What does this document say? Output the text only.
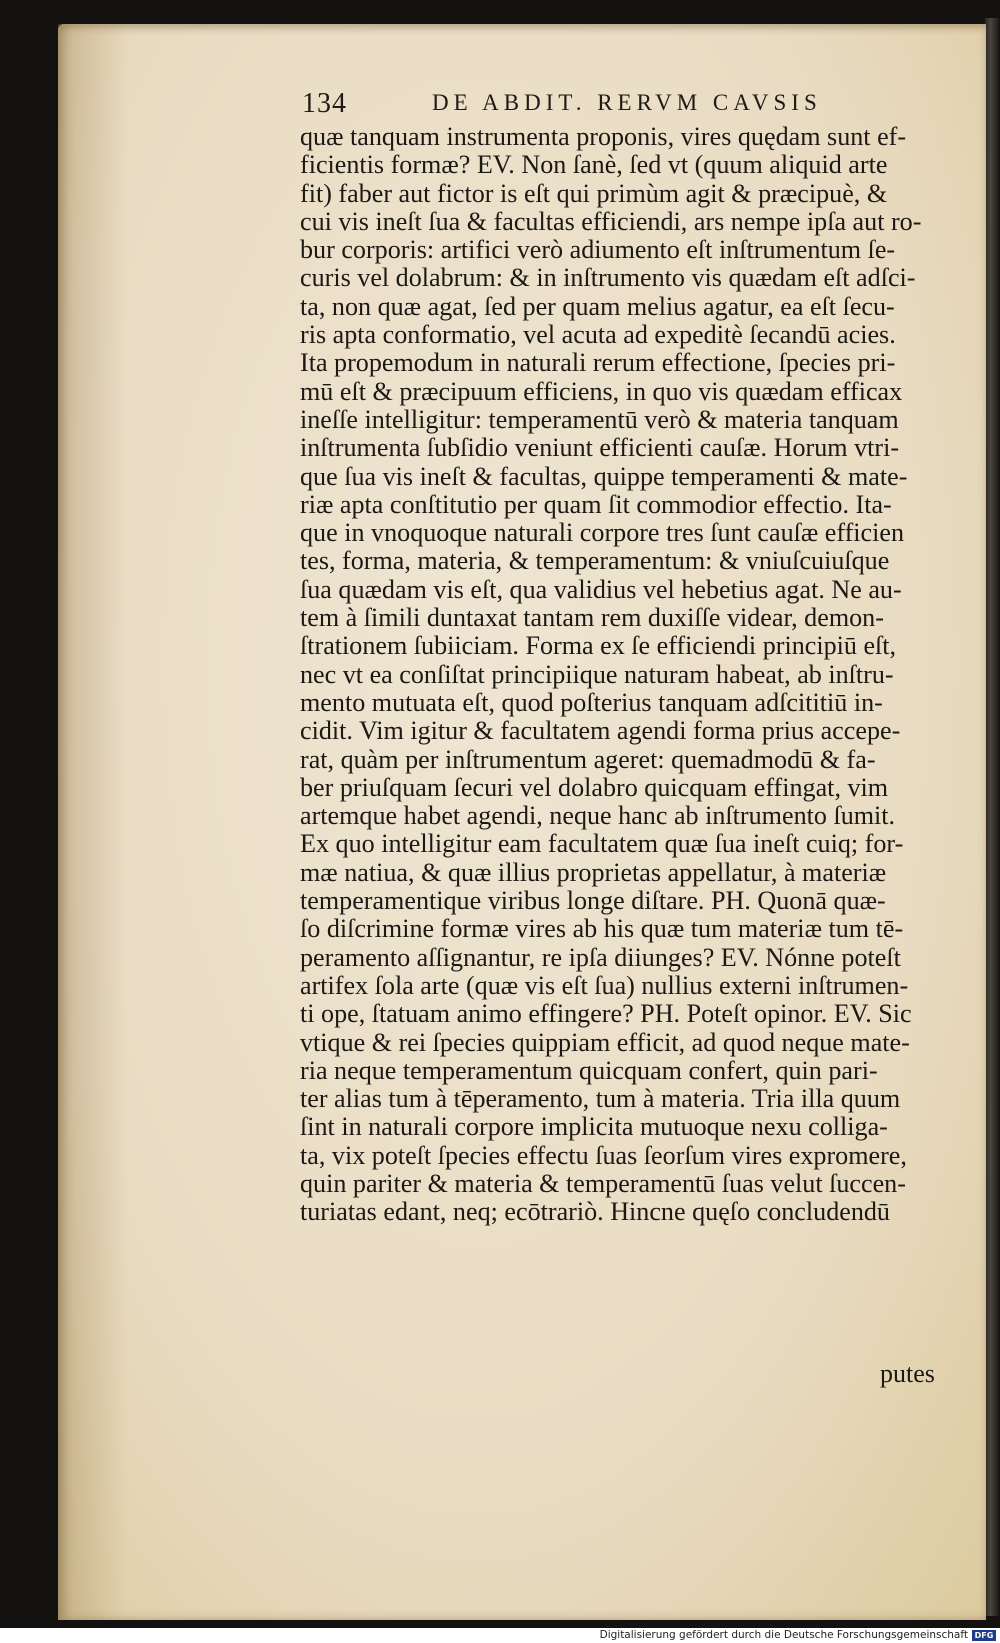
134	DE ABDIT. RERVM CAVSIS
quæ tanquam instrumenta proponis, vires quędam sunt ef-
ficientis formæ? EV. Non ſanè, ſed vt (quum aliquid arte
fit) faber aut fictor is eſt qui primùm agit & præcipuè, &
cui vis ineſt ſua & facultas efficiendi, ars nempe ipſa aut ro-
bur corporis: artifici verò adiumento eſt inſtrumentum ſe-
curis vel dolabrum: & in inſtrumento vis quædam eſt adſci-
ta, non quæ agat, ſed per quam melius agatur, ea eſt ſecu-
ris apta conformatio, vel acuta ad expeditè ſecandū acies.
Ita propemodum in naturali rerum effectione, ſpecies pri-
mū eſt & præcipuum efficiens, in quo vis quædam efficax
ineſſe intelligitur: temperamentū verò & materia tanquam
inſtrumenta ſubſidio veniunt efficienti cauſæ. Horum vtri-
que ſua vis ineſt & facultas, quippe temperamenti & mate-
riæ apta conſtitutio per quam ſit commodior effectio. Ita-
que in vnoquoque naturali corpore tres ſunt cauſæ efficien
tes, forma, materia, & temperamentum: & vniuſcuiuſque
ſua quædam vis eſt, qua validius vel hebetius agat. Ne au-
tem à ſimili duntaxat tantam rem duxiſſe videar, demon-
ſtrationem ſubiiciam. Forma ex ſe efficiendi principiū eſt,
nec vt ea conſiſtat principiique naturam habeat, ab inſtru-
mento mutuata eſt, quod poſterius tanquam adſcititiū in-
cidit. Vim igitur & facultatem agendi forma prius accepe-
rat, quàm per inſtrumentum ageret: quemadmodū & fa-
ber priuſquam ſecuri vel dolabro quicquam effingat, vim
artemque habet agendi, neque hanc ab inſtrumento ſumit.
Ex quo intelligitur eam facultatem quæ ſua ineſt cuiq; for-
mæ natiua, & quæ illius proprietas appellatur, à materiæ
temperamentique viribus longe diſtare. PH. Quonā quæ-
ſo diſcrimine formæ vires ab his quæ tum materiæ tum tē-
peramento aſſignantur, re ipſa diiunges? EV. Nónne poteſt
artifex ſola arte (quæ vis eſt ſua) nullius externi inſtrumen-
ti ope, ſtatuam animo effingere? PH. Poteſt opinor. EV. Sic
vtique & rei ſpecies quippiam efficit, ad quod neque mate-
ria neque temperamentum quicquam confert, quin pari-
ter alias tum à tēperamento, tum à materia. Tria illa quum
ſint in naturali corpore implicita mutuoque nexu colliga-
ta, vix poteſt ſpecies effectu ſuas ſeorſum vires expromere,
quin pariter & materia & temperamentū ſuas velut ſuccen-
turiatas edant, neq; ecōtrariò. Hincne quęſo concludendū
putes
Digitalisierung gefördert durch die Deutsche Forschungsgemeinschaft DFG
